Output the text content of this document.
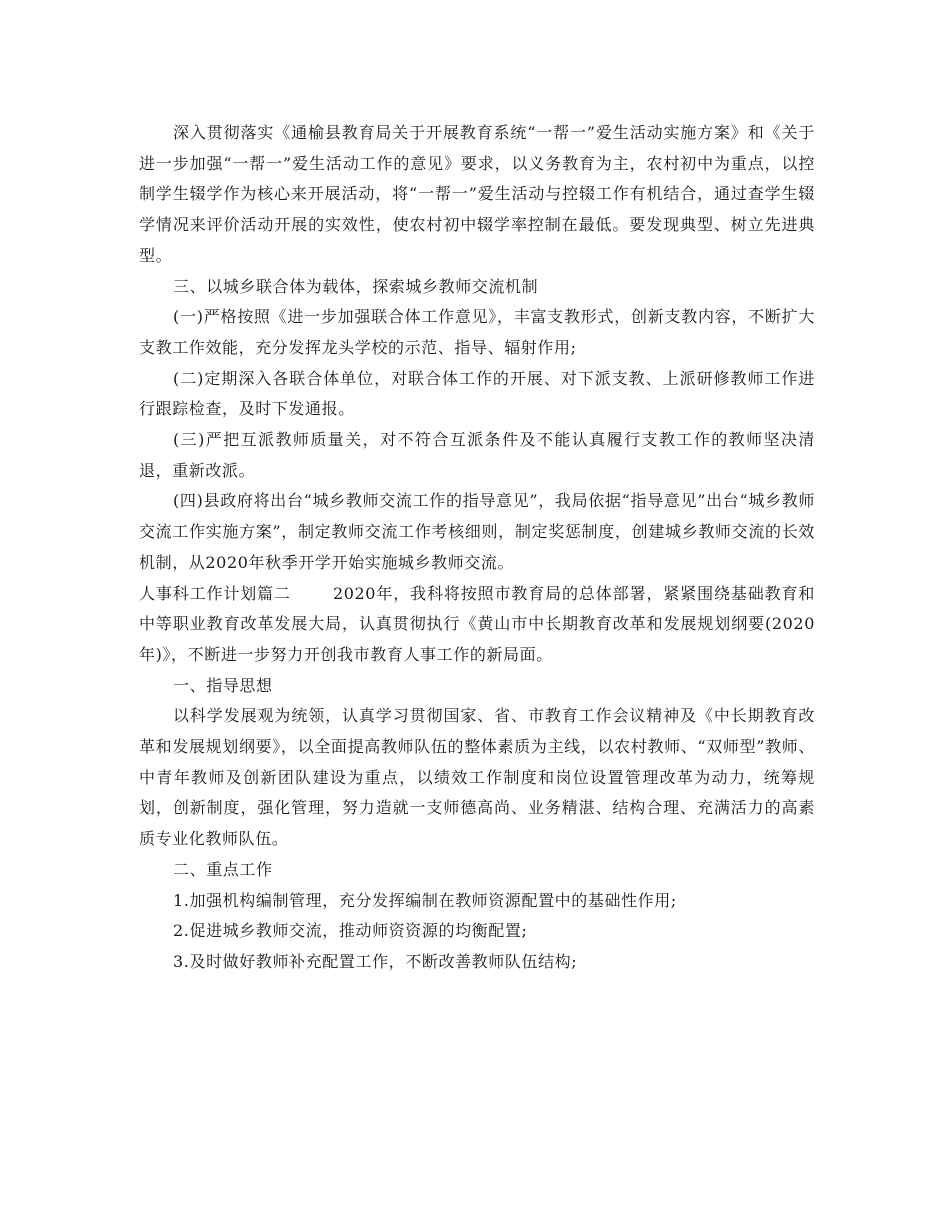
深入贯彻落实《通榆县教育局关于开展教育系统“一帮一”爱生活动实施方案》和《关于进一步加强“一帮一”爱生活动工作的意见》要求，以义务教育为主，农村初中为重点，以控制学生辍学作为核心来开展活动，将“一帮一”爱生活动与控辍工作有机结合，通过查学生辍学情况来评价活动开展的实效性，使农村初中辍学率控制在最低。要发现典型、树立先进典型。

三、以城乡联合体为载体，探索城乡教师交流机制

(一)严格按照《进一步加强联合体工作意见》，丰富支教形式，创新支教内容，不断扩大支教工作效能，充分发挥龙头学校的示范、指导、辐射作用;

(二)定期深入各联合体单位，对联合体工作的开展、对下派支教、上派研修教师工作进行跟踪检查，及时下发通报。

(三)严把互派教师质量关，对不符合互派条件及不能认真履行支教工作的教师坚决清退，重新改派。

(四)县政府将出台“城乡教师交流工作的指导意见”，我局依据“指导意见”出台“城乡教师交流工作实施方案”，制定教师交流工作考核细则，制定奖惩制度，创建城乡教师交流的长效机制，从2020年秋季开学开始实施城乡教师交流。

人事科工作计划篇二	2020年，我科将按照市教育局的总体部署，紧紧围绕基础教育和中等职业教育改革发展大局，认真贯彻执行《黄山市中长期教育改革和发展规划纲要(2020年)》，不断进一步努力开创我市教育人事工作的新局面。

一、指导思想

以科学发展观为统领，认真学习贯彻国家、省、市教育工作会议精神及《中长期教育改革和发展规划纲要》，以全面提高教师队伍的整体素质为主线，以农村教师、“双师型”教师、中青年教师及创新团队建设为重点，以绩效工作制度和岗位设置管理改革为动力，统筹规划，创新制度，强化管理，努力造就一支师德高尚、业务精湛、结构合理、充满活力的高素质专业化教师队伍。

二、重点工作

1.加强机构编制管理，充分发挥编制在教师资源配置中的基础性作用;

2.促进城乡教师交流，推动师资资源的均衡配置;

3.及时做好教师补充配置工作，不断改善教师队伍结构;
